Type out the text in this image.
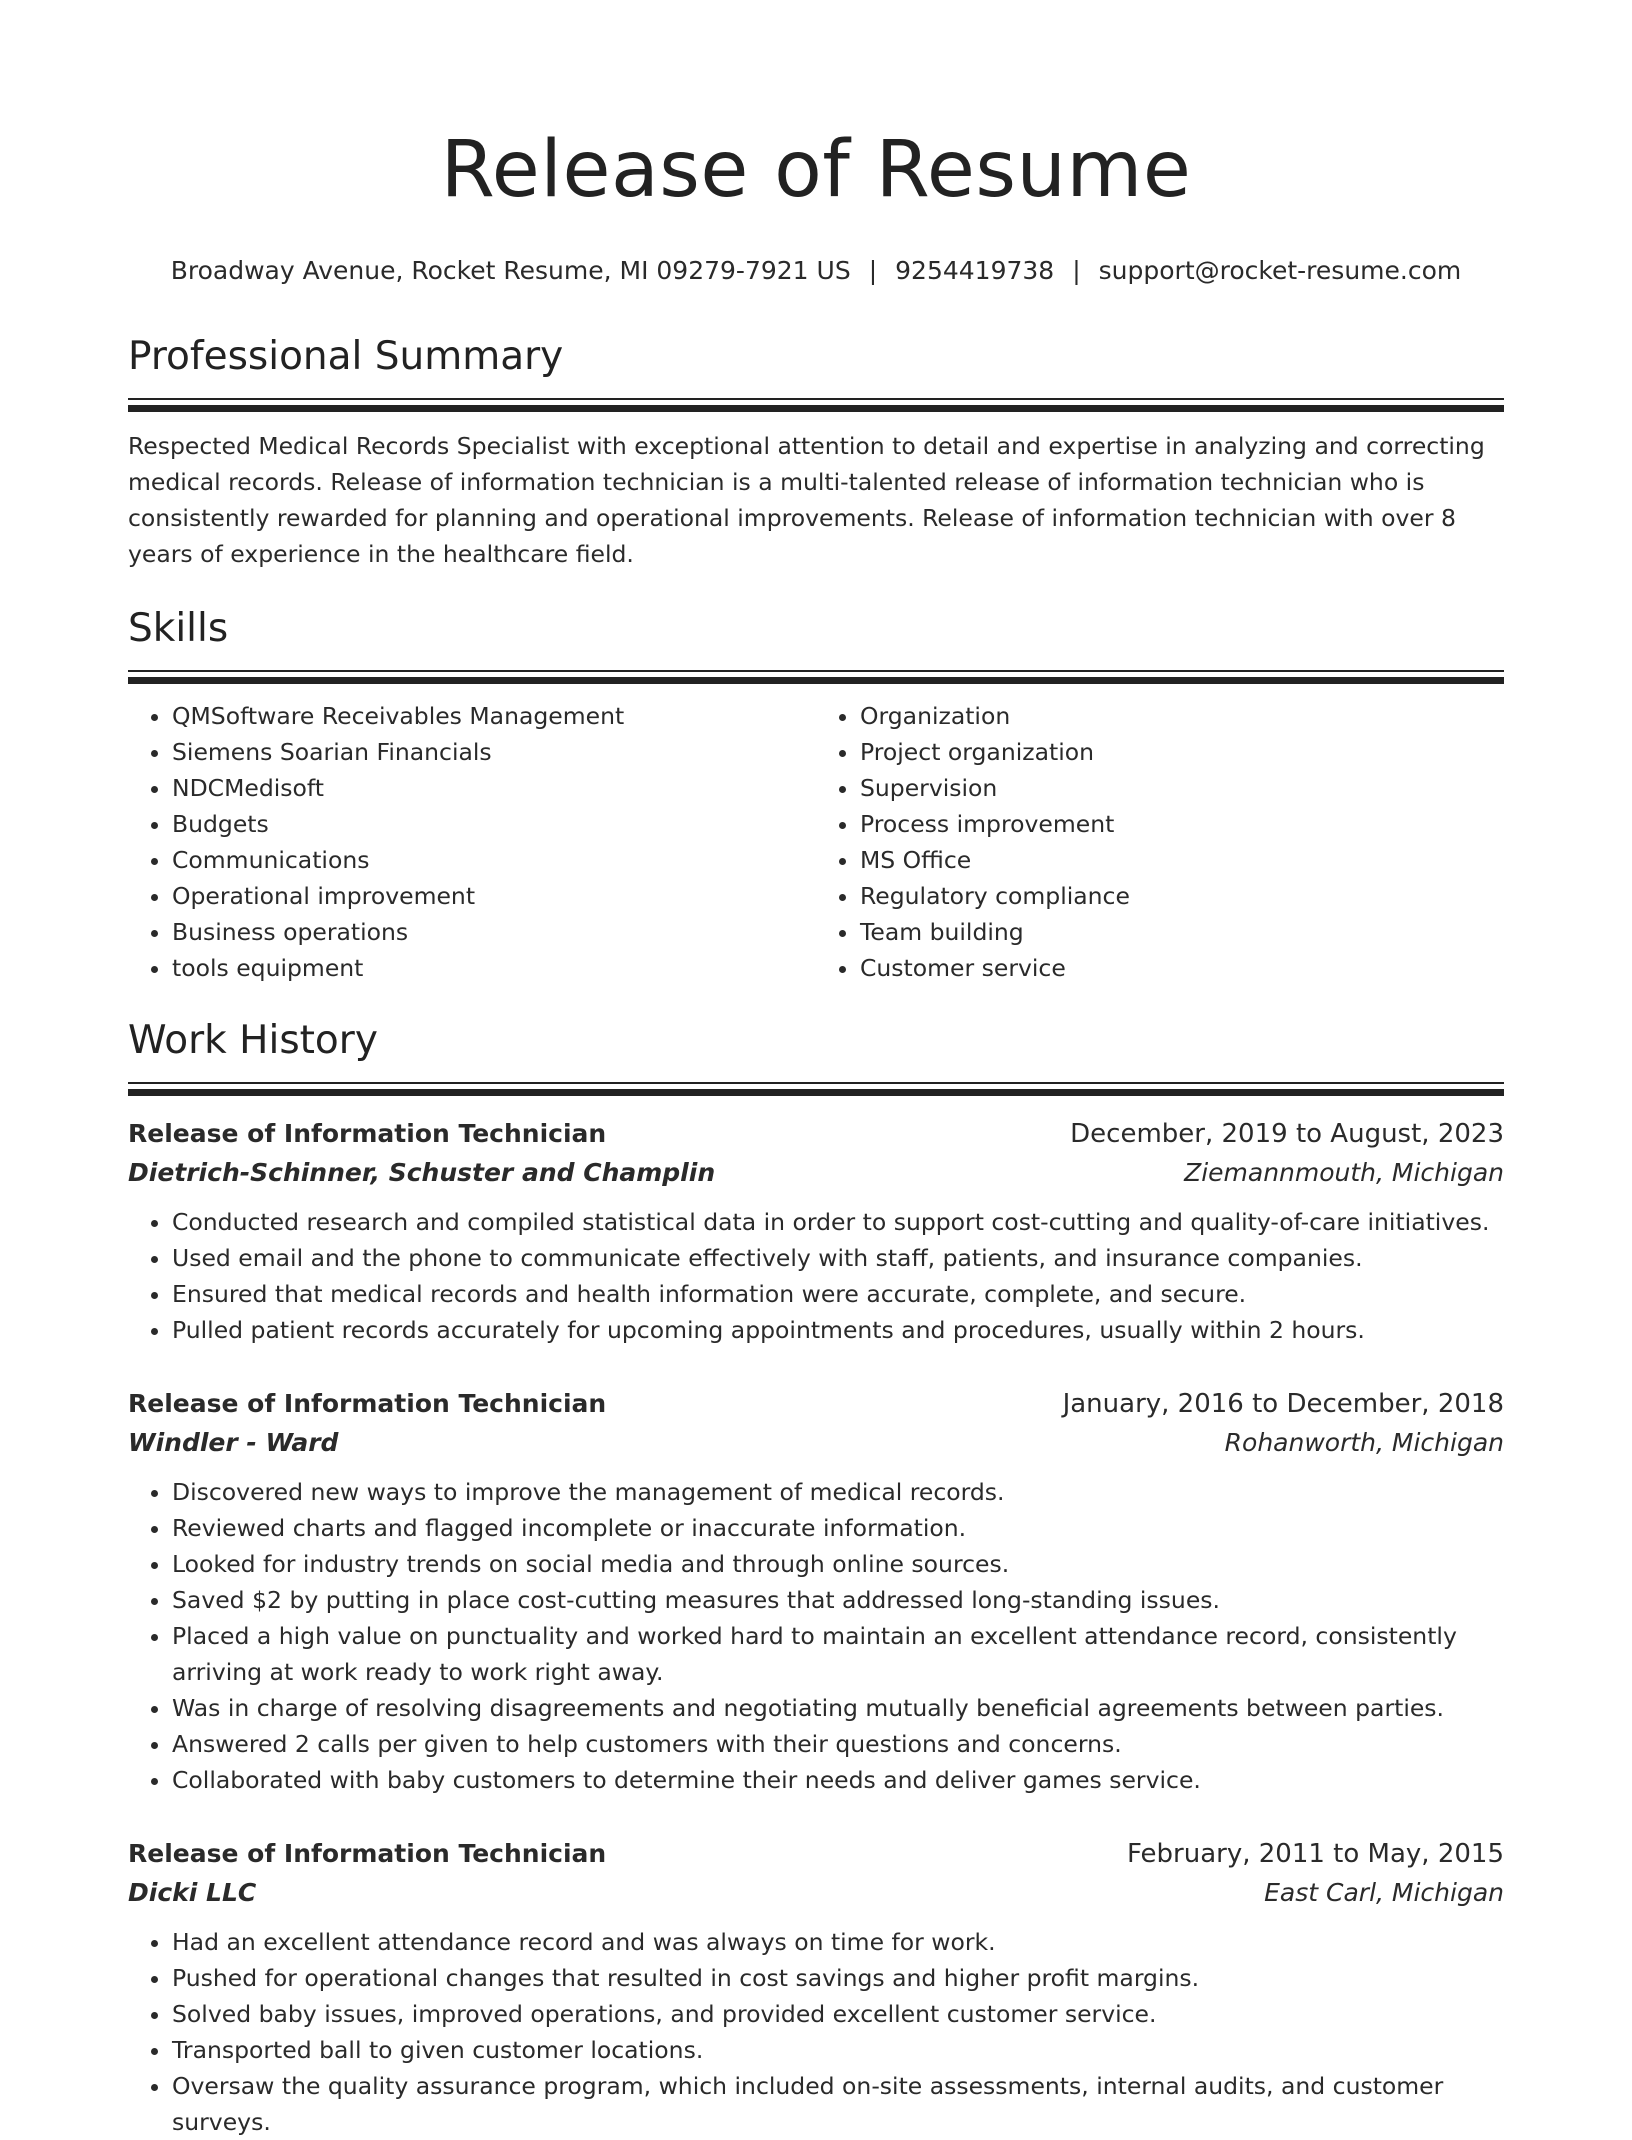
Release of Resume
Broadway Avenue, Rocket Resume, MI 09279-7921 US | 9254419738 | support@rocket-resume.com
Professional Summary

Respected Medical Records Specialist with exceptional attention to detail and expertise in analyzing and correcting medical records. Release of information technician is a multi-talented release of information technician who is consistently rewarded for planning and operational improvements. Release of information technician with over 8 years of experience in the healthcare field.

Skills
• QMSoftware Receivables Management
• Siemens Soarian Financials
• NDCMedisoft
• Budgets
• Communications
• Operational improvement
• Business operations
• tools equipment
• Organization
• Project organization
• Supervision
• Process improvement
• MS Office
• Regulatory compliance
• Team building
• Customer service
Work History
Release of Information Technician	December, 2019 to August, 2023
Dietrich-Schinner, Schuster and Champlin	Ziemannmouth, Michigan
• Conducted research and compiled statistical data in order to support cost-cutting and quality-of-care initiatives.
• Used email and the phone to communicate effectively with staff, patients, and insurance companies.
• Ensured that medical records and health information were accurate, complete, and secure.
• Pulled patient records accurately for upcoming appointments and procedures, usually within 2 hours.
Release of Information Technician	January, 2016 to December, 2018
Windler - Ward	Rohanworth, Michigan
• Discovered new ways to improve the management of medical records.
• Reviewed charts and flagged incomplete or inaccurate information.
• Looked for industry trends on social media and through online sources.
• Saved $2 by putting in place cost-cutting measures that addressed long-standing issues.
• Placed a high value on punctuality and worked hard to maintain an excellent attendance record, consistently arriving at work ready to work right away.
• Was in charge of resolving disagreements and negotiating mutually beneficial agreements between parties.
• Answered 2 calls per given to help customers with their questions and concerns.
• Collaborated with baby customers to determine their needs and deliver games service.
Release of Information Technician	February, 2011 to May, 2015
Dicki LLC	East Carl, Michigan
• Had an excellent attendance record and was always on time for work.
• Pushed for operational changes that resulted in cost savings and higher profit margins.
• Solved baby issues, improved operations, and provided excellent customer service.
• Transported ball to given customer locations.
• Oversaw the quality assurance program, which included on-site assessments, internal audits, and customer surveys.
